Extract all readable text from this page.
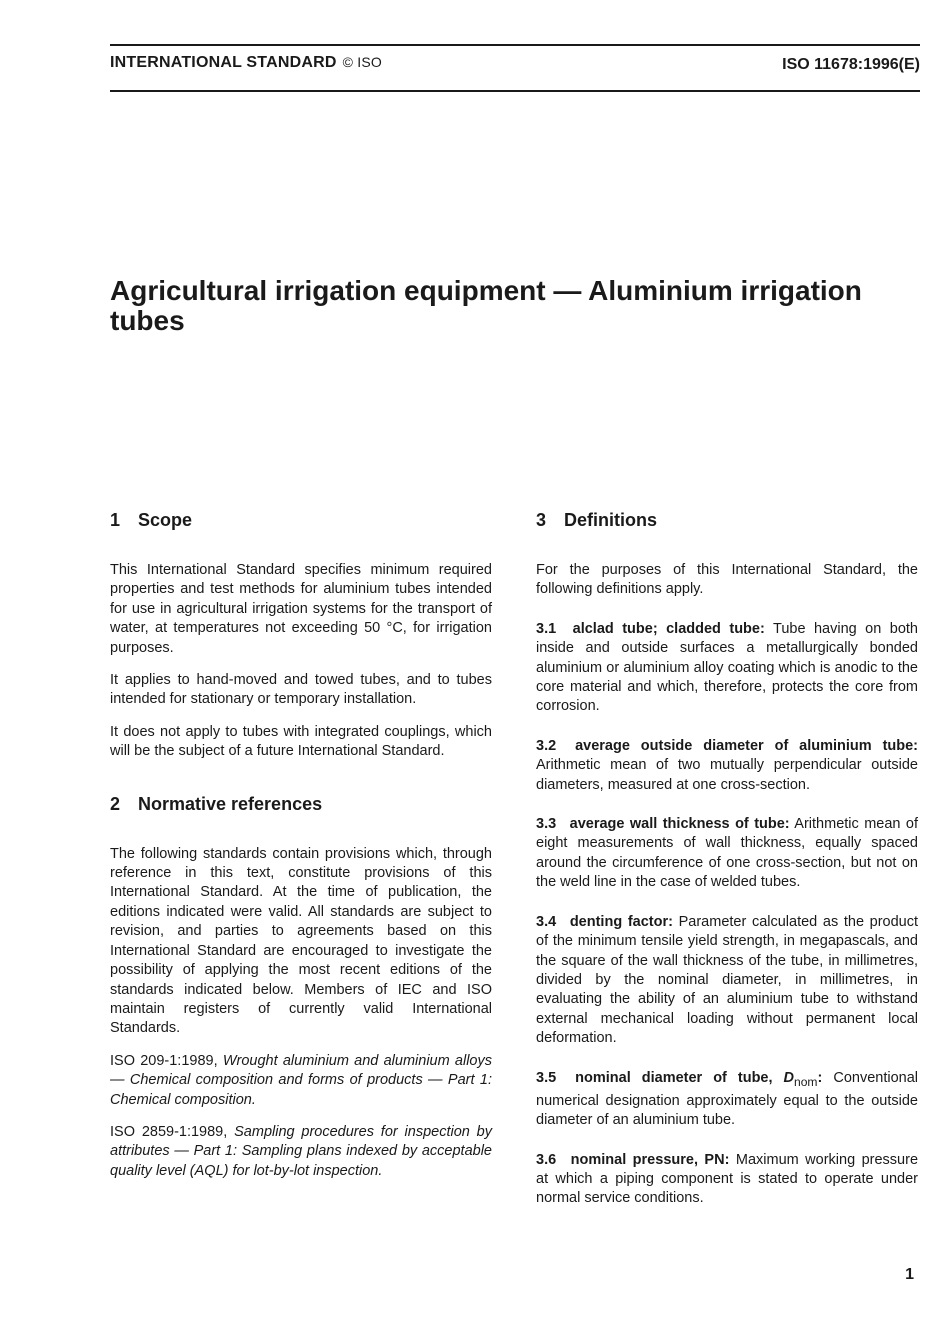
INTERNATIONAL STANDARD © ISO	ISO 11678:1996(E)
Agricultural irrigation equipment — Aluminium irrigation tubes
1 Scope

This International Standard specifies minimum required properties and test methods for aluminium tubes intended for use in agricultural irrigation systems for the transport of water, at temperatures not exceeding 50 °C, for irrigation purposes.

It applies to hand-moved and towed tubes, and to tubes intended for stationary or temporary installation.

It does not apply to tubes with integrated couplings, which will be the subject of a future International Standard.

2 Normative references

The following standards contain provisions which, through reference in this text, constitute provisions of this International Standard. At the time of publication, the editions indicated were valid. All standards are subject to revision, and parties to agreements based on this International Standard are encouraged to investigate the possibility of applying the most recent editions of the standards indicated below. Members of IEC and ISO maintain registers of currently valid International Standards.

ISO 209-1:1989, Wrought aluminium and aluminium alloys — Chemical composition and forms of products — Part 1: Chemical composition.

ISO 2859-1:1989, Sampling procedures for inspection by attributes — Part 1: Sampling plans indexed by acceptable quality level (AQL) for lot-by-lot inspection.

3 Definitions

For the purposes of this International Standard, the following definitions apply.

3.1 alclad tube; cladded tube: Tube having on both inside and outside surfaces a metallurgically bonded aluminium or aluminium alloy coating which is anodic to the core material and which, therefore, protects the core from corrosion.

3.2 average outside diameter of aluminium tube: Arithmetic mean of two mutually perpendicular outside diameters, measured at one cross-section.

3.3 average wall thickness of tube: Arithmetic mean of eight measurements of wall thickness, equally spaced around the circumference of one cross-section, but not on the weld line in the case of welded tubes.

3.4 denting factor: Parameter calculated as the product of the minimum tensile yield strength, in megapascals, and the square of the wall thickness of the tube, in millimetres, divided by the nominal diameter, in millimetres, in evaluating the ability of an aluminium tube to withstand external mechanical loading without permanent local deformation.

3.5 nominal diameter of tube, $D_{nom}$: Conventional numerical designation approximately equal to the outside diameter of an aluminium tube.

3.6 nominal pressure, PN: Maximum working pressure at which a piping component is stated to operate under normal service conditions.

1
